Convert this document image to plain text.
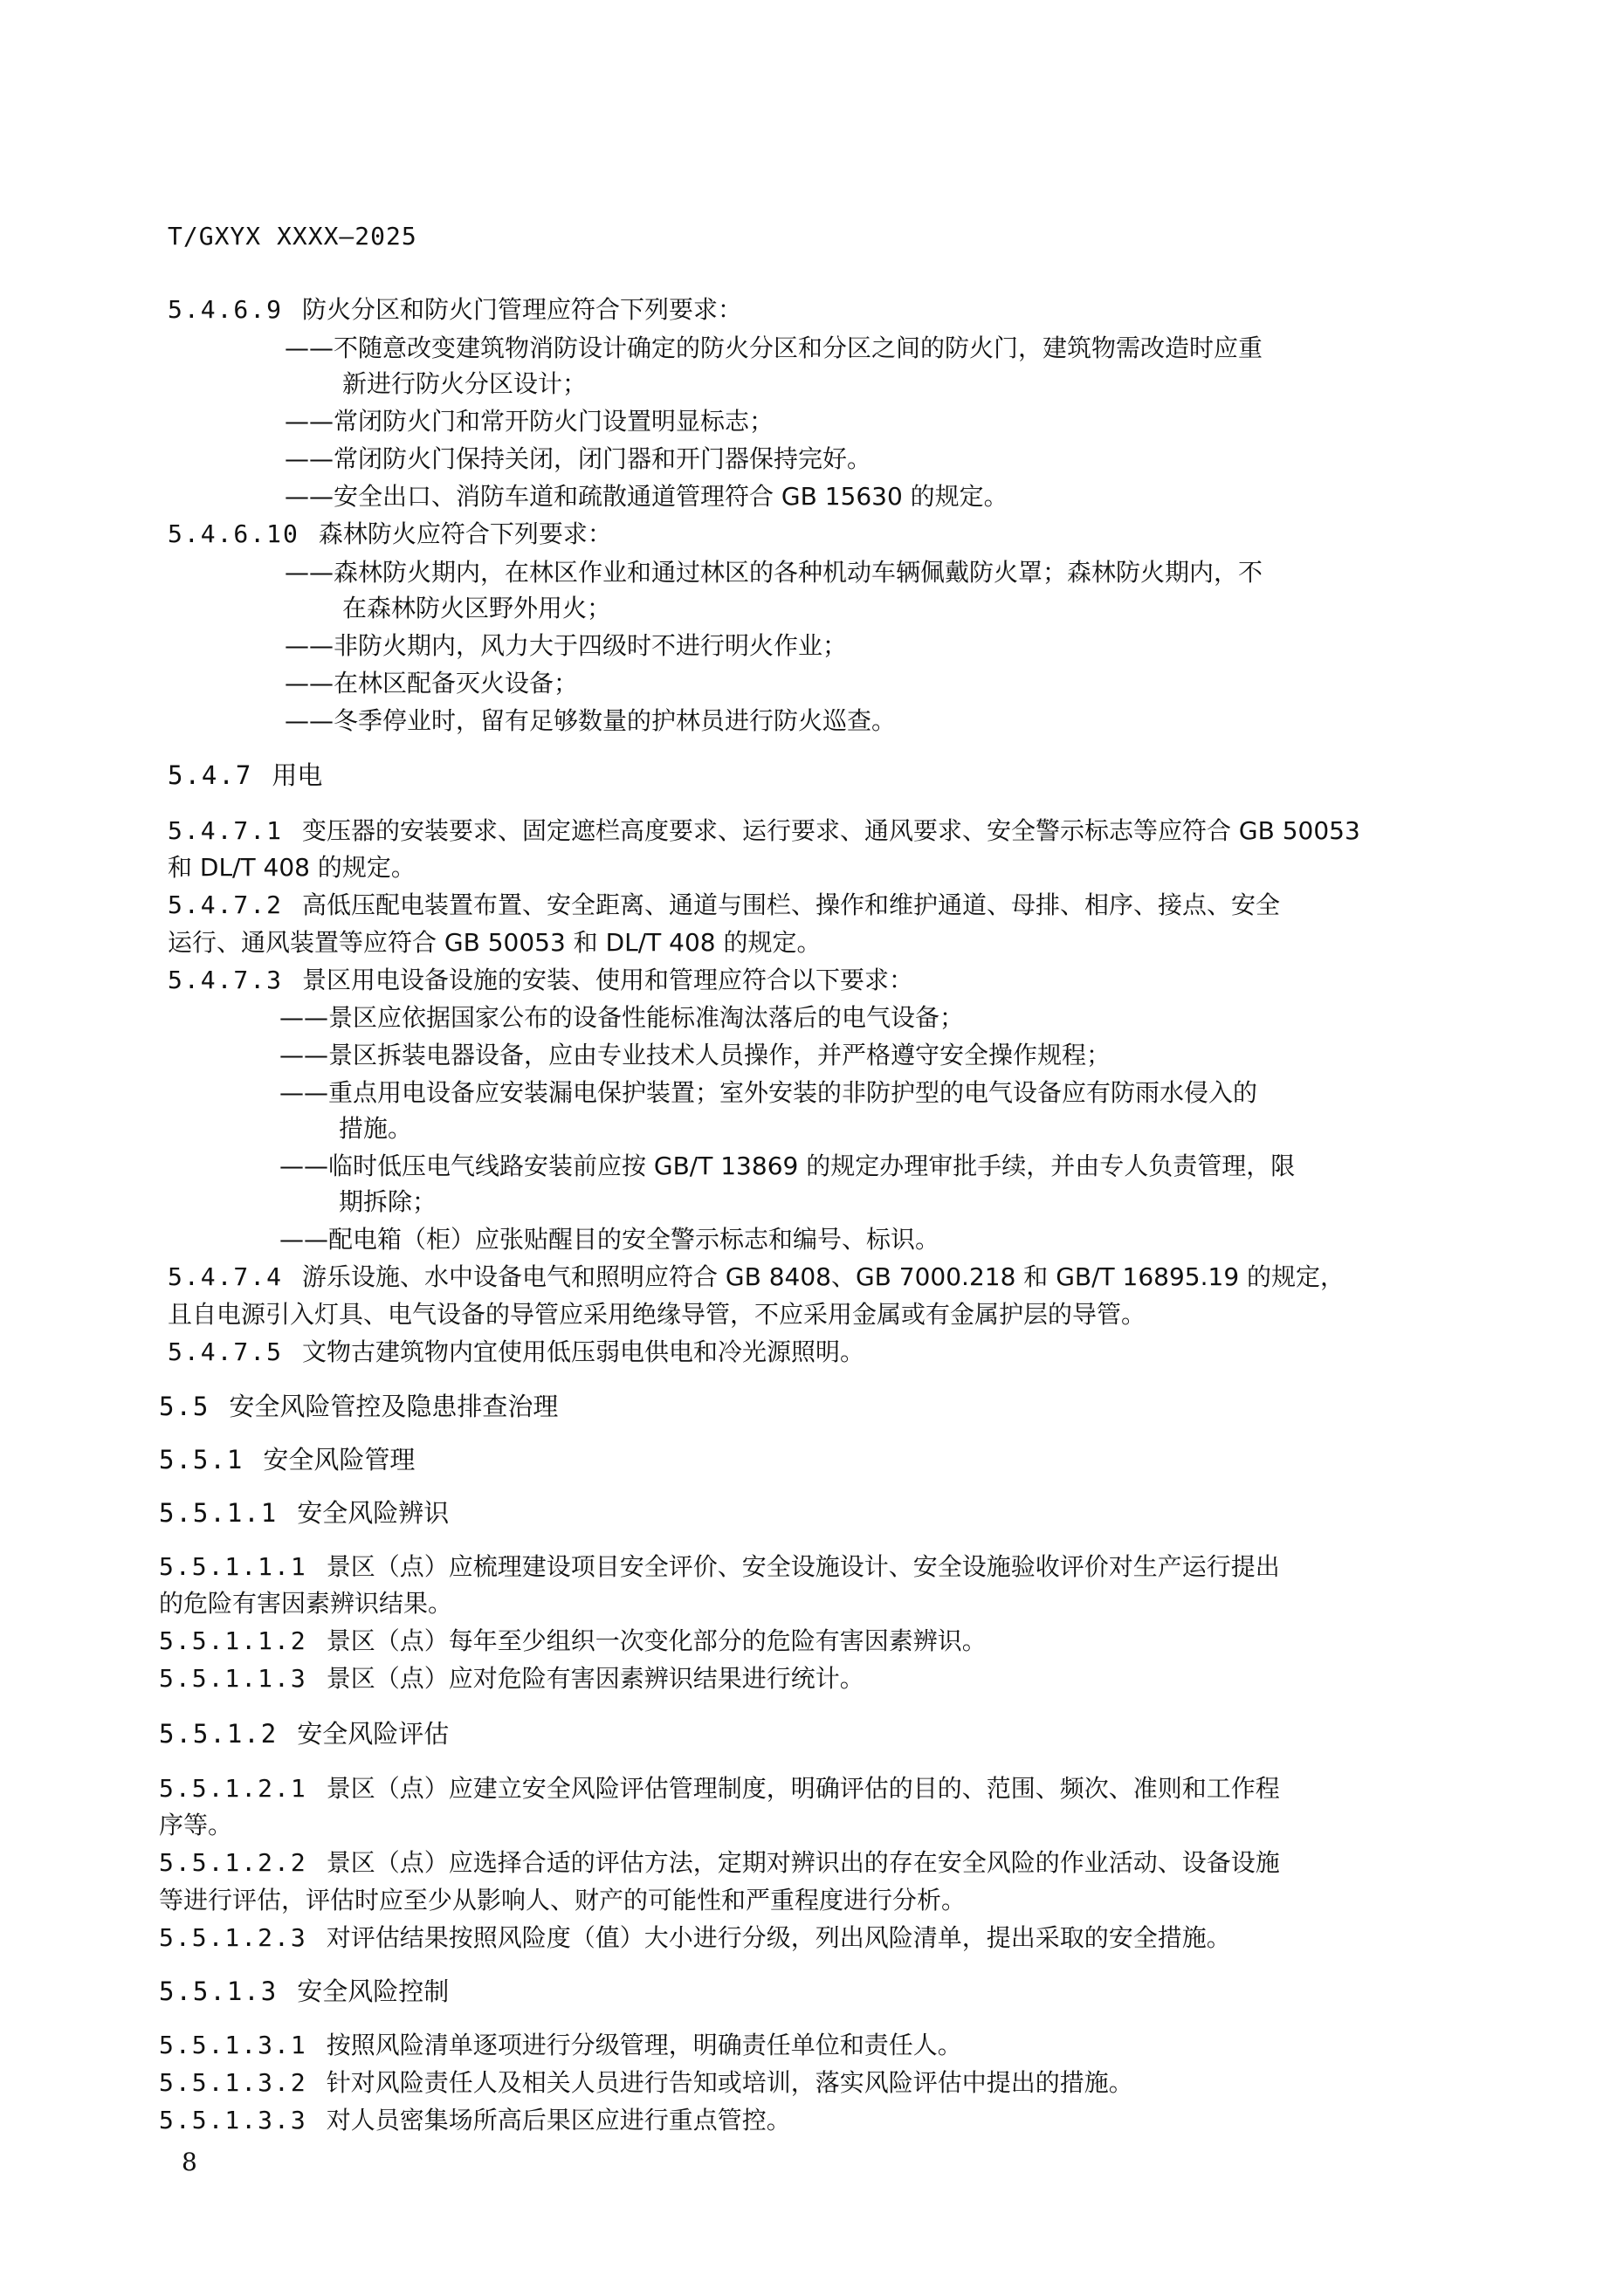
T/GXYX XXXX—2025
5.4.6.9 防火分区和防火门管理应符合下列要求：
——不随意改变建筑物消防设计确定的防火分区和分区之间的防火门，建筑物需改造时应重
新进行防火分区设计；
——常闭防火门和常开防火门设置明显标志；
——常闭防火门保持关闭，闭门器和开门器保持完好。
——安全出口、消防车道和疏散通道管理符合 GB 15630 的规定。
5.4.6.10 森林防火应符合下列要求：
——森林防火期内，在林区作业和通过林区的各种机动车辆佩戴防火罩；森林防火期内，不
在森林防火区野外用火；
——非防火期内，风力大于四级时不进行明火作业；
——在林区配备灭火设备；
——冬季停业时，留有足够数量的护林员进行防火巡查。
5.4.7 用电
5.4.7.1 变压器的安装要求、固定遮栏高度要求、运行要求、通风要求、安全警示标志等应符合 GB 50053
和 DL/T 408 的规定。
5.4.7.2 高低压配电装置布置、安全距离、通道与围栏、操作和维护通道、母排、相序、接点、安全
运行、通风装置等应符合 GB 50053 和 DL/T 408 的规定。
5.4.7.3 景区用电设备设施的安装、使用和管理应符合以下要求：
——景区应依据国家公布的设备性能标准淘汰落后的电气设备；
——景区拆装电器设备，应由专业技术人员操作，并严格遵守安全操作规程；
——重点用电设备应安装漏电保护装置；室外安装的非防护型的电气设备应有防雨水侵入的
措施。
——临时低压电气线路安装前应按 GB/T 13869 的规定办理审批手续，并由专人负责管理，限
期拆除；
——配电箱（柜）应张贴醒目的安全警示标志和编号、标识。
5.4.7.4 游乐设施、水中设备电气和照明应符合 GB 8408、GB 7000.218 和 GB/T 16895.19 的规定，
且自电源引入灯具、电气设备的导管应采用绝缘导管，不应采用金属或有金属护层的导管。
5.4.7.5 文物古建筑物内宜使用低压弱电供电和冷光源照明。
5.5 安全风险管控及隐患排查治理
5.5.1 安全风险管理
5.5.1.1 安全风险辨识
5.5.1.1.1 景区（点）应梳理建设项目安全评价、安全设施设计、安全设施验收评价对生产运行提出
的危险有害因素辨识结果。
5.5.1.1.2 景区（点）每年至少组织一次变化部分的危险有害因素辨识。
5.5.1.1.3 景区（点）应对危险有害因素辨识结果进行统计。
5.5.1.2 安全风险评估
5.5.1.2.1 景区（点）应建立安全风险评估管理制度，明确评估的目的、范围、频次、准则和工作程
序等。
5.5.1.2.2 景区（点）应选择合适的评估方法，定期对辨识出的存在安全风险的作业活动、设备设施
等进行评估，评估时应至少从影响人、财产的可能性和严重程度进行分析。
5.5.1.2.3 对评估结果按照风险度（值）大小进行分级，列出风险清单，提出采取的安全措施。
5.5.1.3 安全风险控制
5.5.1.3.1 按照风险清单逐项进行分级管理，明确责任单位和责任人。
5.5.1.3.2 针对风险责任人及相关人员进行告知或培训，落实风险评估中提出的措施。
5.5.1.3.3 对人员密集场所高后果区应进行重点管控。
8
